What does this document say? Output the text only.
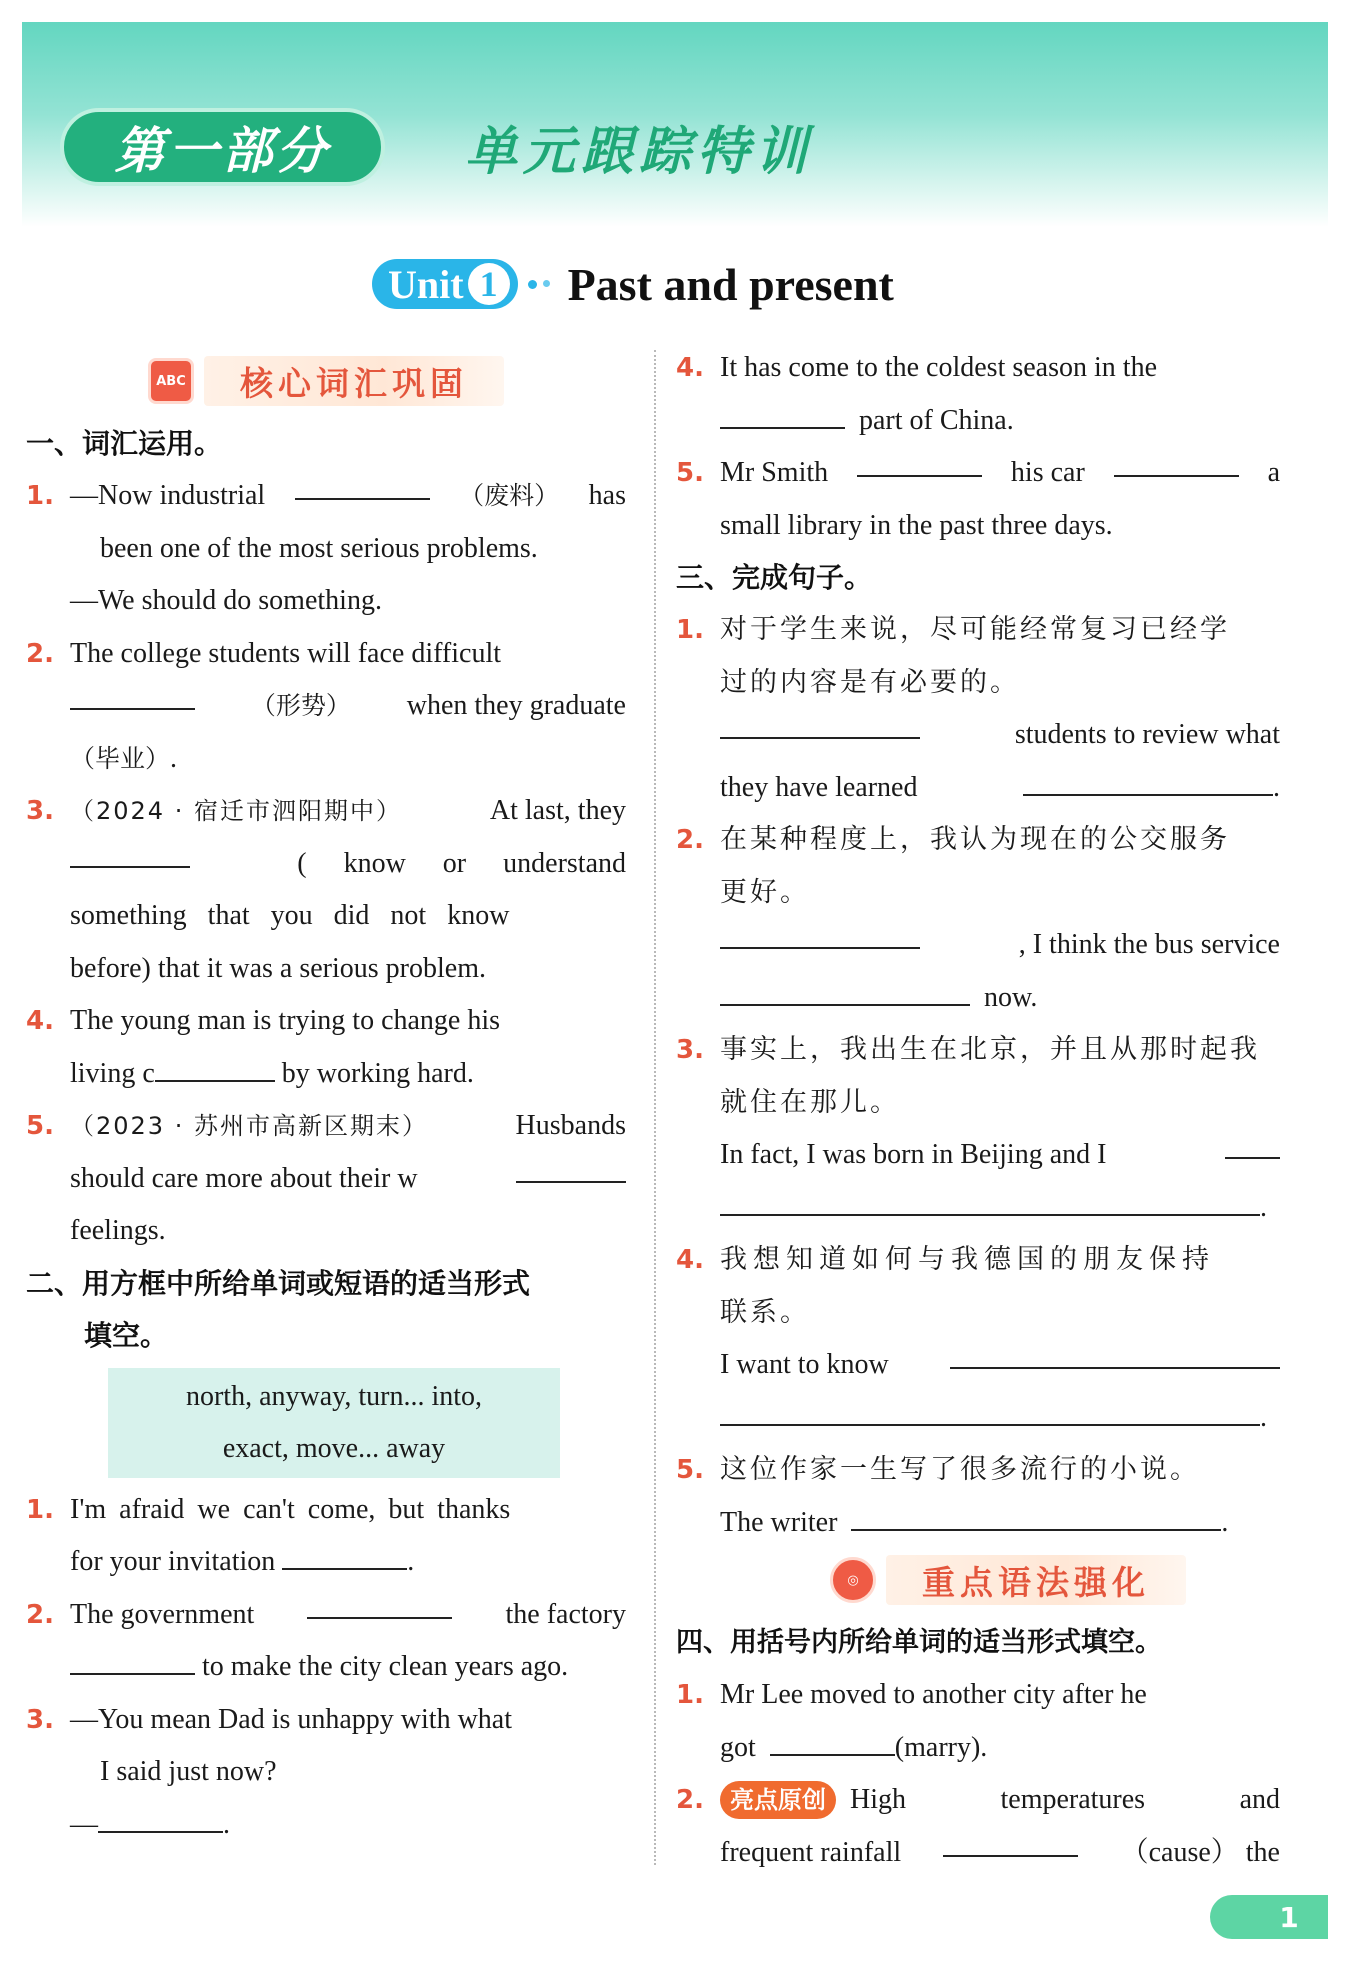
第一部分	单元跟踪特训
Unit 1 Past and present
ABC	核心词汇巩固
一、词汇运用。
1. —Now industrial	（废料） has
been one of the most serious problems.
—We should do something.
2. The college students will face difficult
（形势） when they graduate
（毕业）.
3. （2024 · 宿迁市泗阳期中）	At last, they
( know or understand
something that you did not know
before) that it was a serious problem.
4. The young man is trying to change his
living c	by working hard.
5. （2023 · 苏州市高新区期末）	Husbands
should care more about their w
feelings.
二、用方框中所给单词或短语的适当形式
填空。
north, anyway, turn... into,
exact, move... away
1. I'm afraid we can't come, but thanks
for your invitation	.
2. The government	the factory
to make the city clean years ago.
3. —You mean Dad is unhappy with what
I said just now?
—	.
4. It has come to the coldest season in the
part of China.
5. Mr Smith	his car	a
small library in the past three days.
三、完成句子。
1. 对于学生来说，尽可能经常复习已经学
过的内容是有必要的。
students to review what
they have learned	.
2. 在某种程度上，我认为现在的公交服务
更好。
, I think the bus service
now.
3. 事实上，我出生在北京，并且从那时起我
就住在那儿。
In fact, I was born in Beijing and I
.
4. 我想知道如何与我德国的朋友保持
联系。
I want to know
.
5. 这位作家一生写了很多流行的小说。
The writer	.
◎	重点语法强化
四、用括号内所给单词的适当形式填空。
1. Mr Lee moved to another city after he
got	(marry).
2.	亮点原创 High temperatures and
frequent rainfall	（cause） the
1
